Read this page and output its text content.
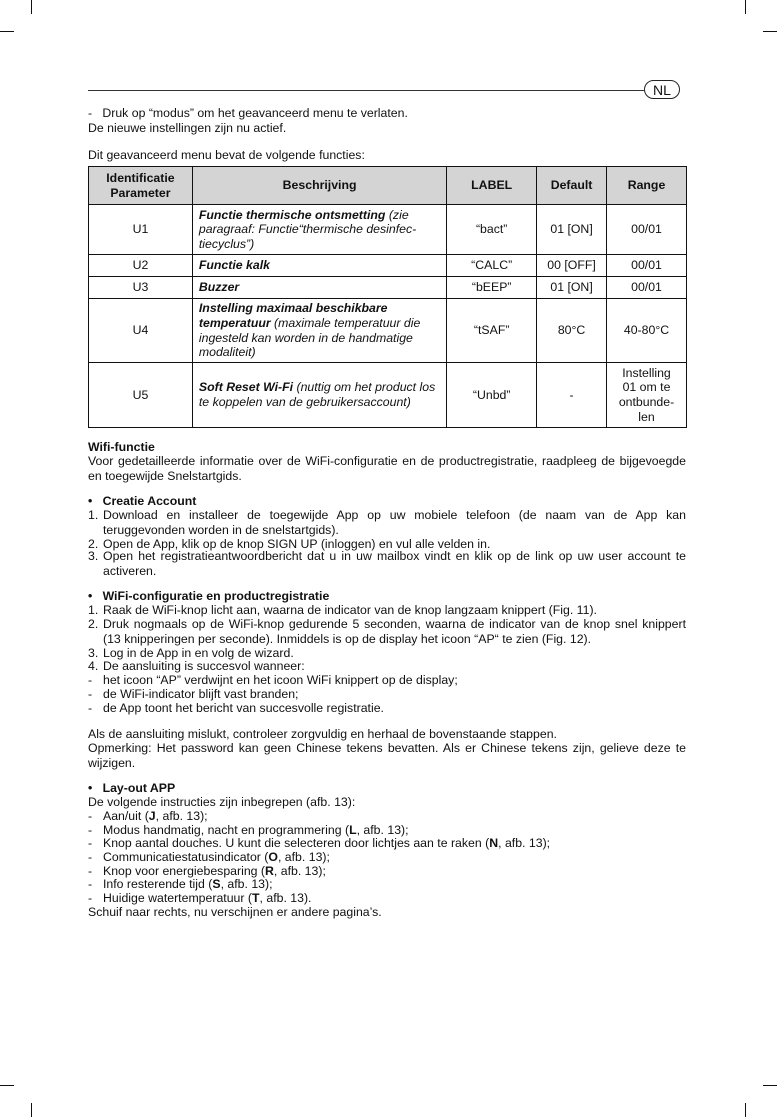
NL

- Druk op “modus” om het geavanceerd menu te verlaten.

De nieuwe instellingen zijn nu actief.

Dit geavanceerd menu bevat de volgende functies:

Identificatie
Parameter	Beschrijving	LABEL	Default	Range
U1	Functie thermische ontsmetting (zie paragraaf: Functie“thermische desinfec-tiecyclus”)	“bact”	01 [ON]	00/01
U2	Functie kalk	“CALC”	00 [OFF]	00/01
U3	Buzzer	“bEEP”	01 [ON]	00/01
U4	Instelling maximaal beschikbare temperatuur (maximale temperatuur die ingesteld kan worden in de handmatige modaliteit)	“tSAF”	80°C	40-80°C
U5	Soft Reset Wi-Fi (nuttig om het product los te koppelen van de gebruikersaccount)	“Unbd”	-	Instelling
01 om te
ontbunde-
len

Wifi-functie

Voor gedetailleerde informatie over de WiFi-configuratie en de productregistratie, raadpleeg de bijgevoegde en toegewijde Snelstartgids.

• Creatie Account

1. Download en installeer de toegewijde App op uw mobiele telefoon (de naam van de App kan teruggevonden worden in de snelstartgids).

2. Open de App, klik op de knop SIGN UP (inloggen) en vul alle velden in.

3. Open het registratieantwoordbericht dat u in uw mailbox vindt en klik op de link op uw user account te activeren.

• WiFi-configuratie en productregistratie

1. Raak de WiFi-knop licht aan, waarna de indicator van de knop langzaam knippert (Fig. 11).

2. Druk nogmaals op de WiFi-knop gedurende 5 seconden, waarna de indicator van de knop snel knippert (13 knipperingen per seconde). Inmiddels is op de display het icoon “AP“ te zien (Fig. 12).

3. Log in de App in en volg de wizard.

4. De aansluiting is succesvol wanneer:

- het icoon “AP” verdwijnt en het icoon WiFi knippert op de display;

- de WiFi-indicator blijft vast branden;

- de App toont het bericht van succesvolle registratie.

Als de aansluiting mislukt, controleer zorgvuldig en herhaal de bovenstaande stappen.

Opmerking: Het password kan geen Chinese tekens bevatten. Als er Chinese tekens zijn, gelieve deze te wijzigen.

• Lay-out APP

De volgende instructies zijn inbegrepen (afb. 13):

- Aan/uit (J, afb. 13);

- Modus handmatig, nacht en programmering (L, afb. 13);

- Knop aantal douches. U kunt die selecteren door lichtjes aan te raken (N, afb. 13);

- Communicatiestatusindicator (O, afb. 13);

- Knop voor energiebesparing (R, afb. 13);

- Info resterende tijd (S, afb. 13);

- Huidige watertemperatuur (T, afb. 13).

Schuif naar rechts, nu verschijnen er andere pagina’s.
